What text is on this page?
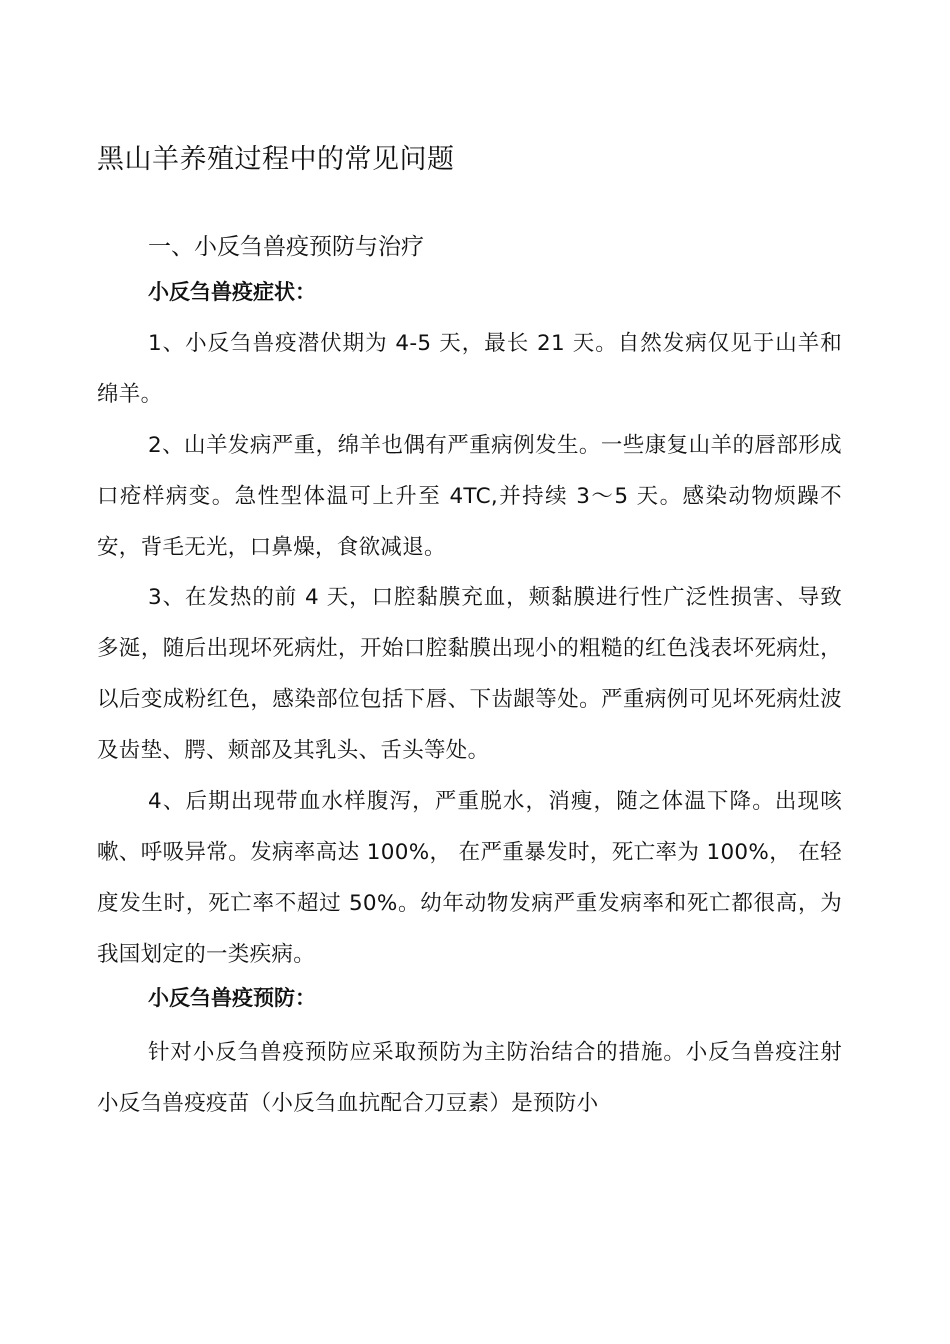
黑山羊养殖过程中的常见问题
一、小反刍兽疫预防与治疗
小反刍兽疫症状：

1、小反刍兽疫潜伏期为 4-5 天，最长 21 天。自然发病仅见于山羊和绵羊。

2、山羊发病严重，绵羊也偶有严重病例发生。一些康复山羊的唇部形成口疮样病变。急性型体温可上升至 4TC,并持续 3〜5 天。感染动物烦躁不安，背毛无光，口鼻燥，食欲减退。

3、在发热的前 4 天，口腔黏膜充血，颊黏膜进行性广泛性损害、导致多涎，随后出现坏死病灶，开始口腔黏膜出现小的粗糙的红色浅表坏死病灶，以后变成粉红色，感染部位包括下唇、下齿龈等处。严重病例可见坏死病灶波及齿垫、腭、颊部及其乳头、舌头等处。

4、后期出现带血水样腹泻，严重脱水，消瘦，随之体温下降。出现咳嗽、呼吸异常。发病率高达 100%， 在严重暴发时，死亡率为 100%， 在轻度发生时，死亡率不超过 50%。幼年动物发病严重发病率和死亡都很高，为我国划定的一类疾病。

小反刍兽疫预防：

针对小反刍兽疫预防应采取预防为主防治结合的措施。小反刍兽疫注射小反刍兽疫疫苗（小反刍血抗配合刀豆素）是预防小
